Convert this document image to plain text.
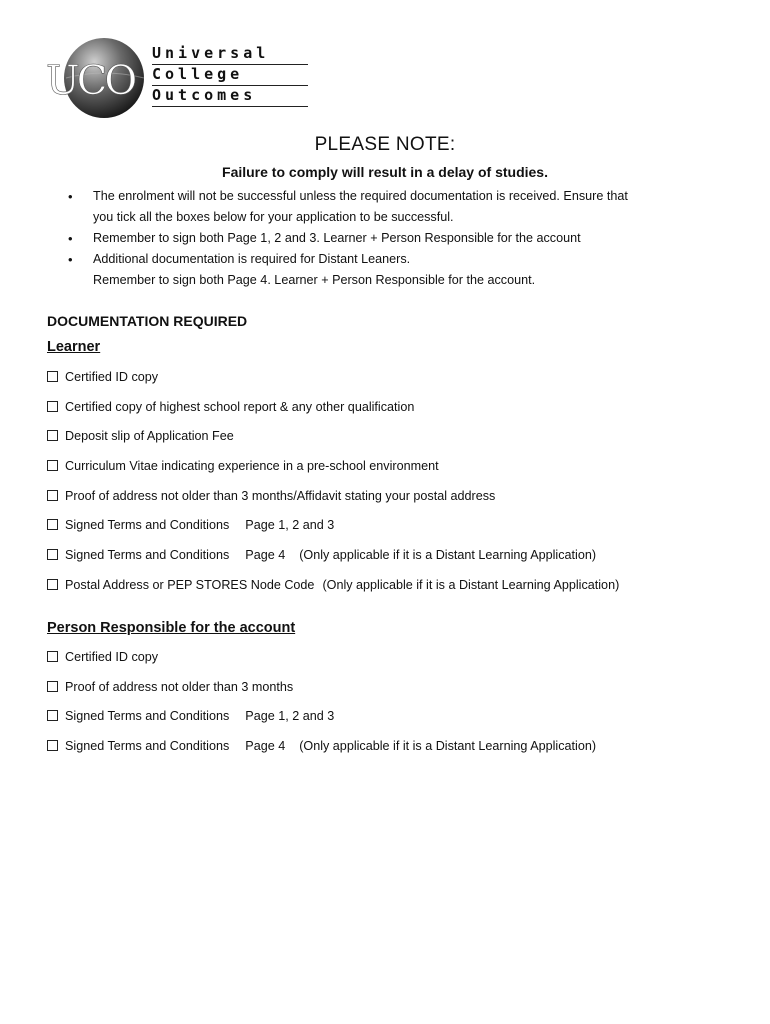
UCO
Universal
College
Outcomes
PLEASE NOTE:
Failure to comply will result in a delay of studies.
• The enrolment will not be successful unless the required documentation is received. Ensure that
you tick all the boxes below for your application to be successful.
• Remember to sign both Page 1, 2 and 3. Learner + Person Responsible for the account
• Additional documentation is required for Distant Leaners.
Remember to sign both Page 4. Learner + Person Responsible for the account.
DOCUMENTATION REQUIRED
Learner
Certified ID copy
Certified copy of highest school report & any other qualification
Deposit slip of Application Fee
Curriculum Vitae indicating experience in a pre-school environment
Proof of address not older than 3 months/Affidavit stating your postal address
Signed Terms and Conditions Page 1, 2 and 3
Signed Terms and Conditions Page 4 (Only applicable if it is a Distant Learning Application)
Postal Address or PEP STORES Node Code (Only applicable if it is a Distant Learning Application)
Person Responsible for the account
Certified ID copy
Proof of address not older than 3 months
Signed Terms and Conditions Page 1, 2 and 3
Signed Terms and Conditions Page 4 (Only applicable if it is a Distant Learning Application)
